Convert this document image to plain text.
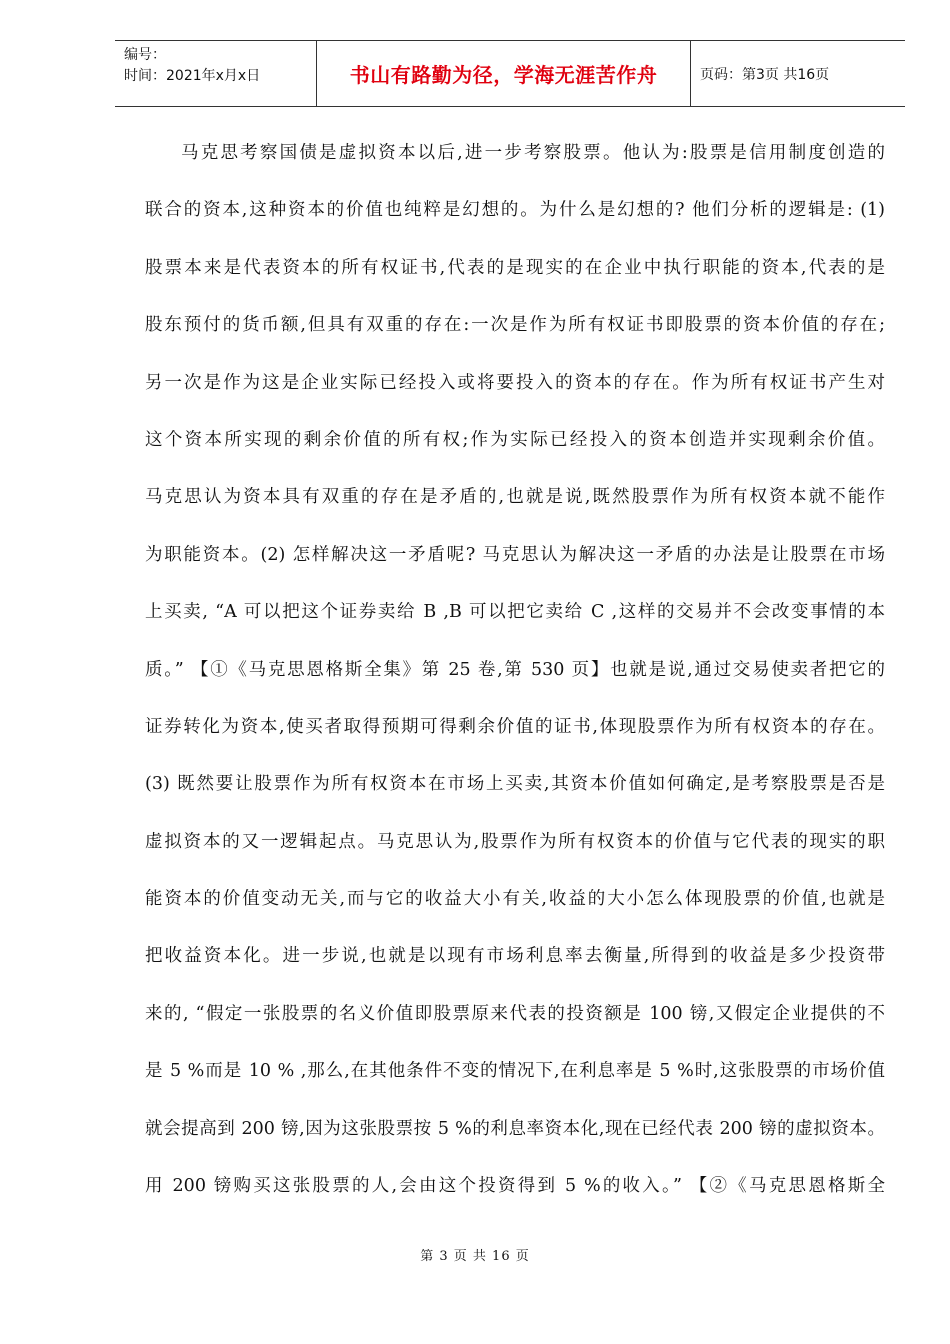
编号：
时间：2021年x月x日	书山有路勤为径，学海无涯苦作舟	页码：第3页 共16页
马克思考察国债是虚拟资本以后,进一步考察股票。他认为:股票是信用制度创造的
联合的资本,这种资本的价值也纯粹是幻想的。为什么是幻想的? 他们分析的逻辑是: (1)
股票本来是代表资本的所有权证书,代表的是现实的在企业中执行职能的资本,代表的是
股东预付的货币额,但具有双重的存在:一次是作为所有权证书即股票的资本价值的存在;
另一次是作为这是企业实际已经投入或将要投入的资本的存在。作为所有权证书产生对
这个资本所实现的剩余价值的所有权;作为实际已经投入的资本创造并实现剩余价值。
马克思认为资本具有双重的存在是矛盾的,也就是说,既然股票作为所有权资本就不能作
为职能资本。(2) 怎样解决这一矛盾呢? 马克思认为解决这一矛盾的办法是让股票在市场
上买卖, “A 可以把这个证券卖给 B ,B 可以把它卖给 C ,这样的交易并不会改变事情的本
质。” 【①《马克思恩格斯全集》第 25 卷,第 530 页】也就是说,通过交易使卖者把它的
证券转化为资本,使买者取得预期可得剩余价值的证书,体现股票作为所有权资本的存在。
(3) 既然要让股票作为所有权资本在市场上买卖,其资本价值如何确定,是考察股票是否是
虚拟资本的又一逻辑起点。马克思认为,股票作为所有权资本的价值与它代表的现实的职
能资本的价值变动无关,而与它的收益大小有关,收益的大小怎么体现股票的价值,也就是
把收益资本化。进一步说,也就是以现有市场利息率去衡量,所得到的收益是多少投资带
来的, “假定一张股票的名义价值即股票原来代表的投资额是 100 镑,又假定企业提供的不
是 5 %而是 10 % ,那么,在其他条件不变的情况下,在利息率是 5 %时,这张股票的市场价值
就会提高到 200 镑,因为这张股票按 5 %的利息率资本化,现在已经代表 200 镑的虚拟资本。
用 200 镑购买这张股票的人,会由这个投资得到 5 %的收入。” 【②《马克思恩格斯全
第 3 页 共 16 页
